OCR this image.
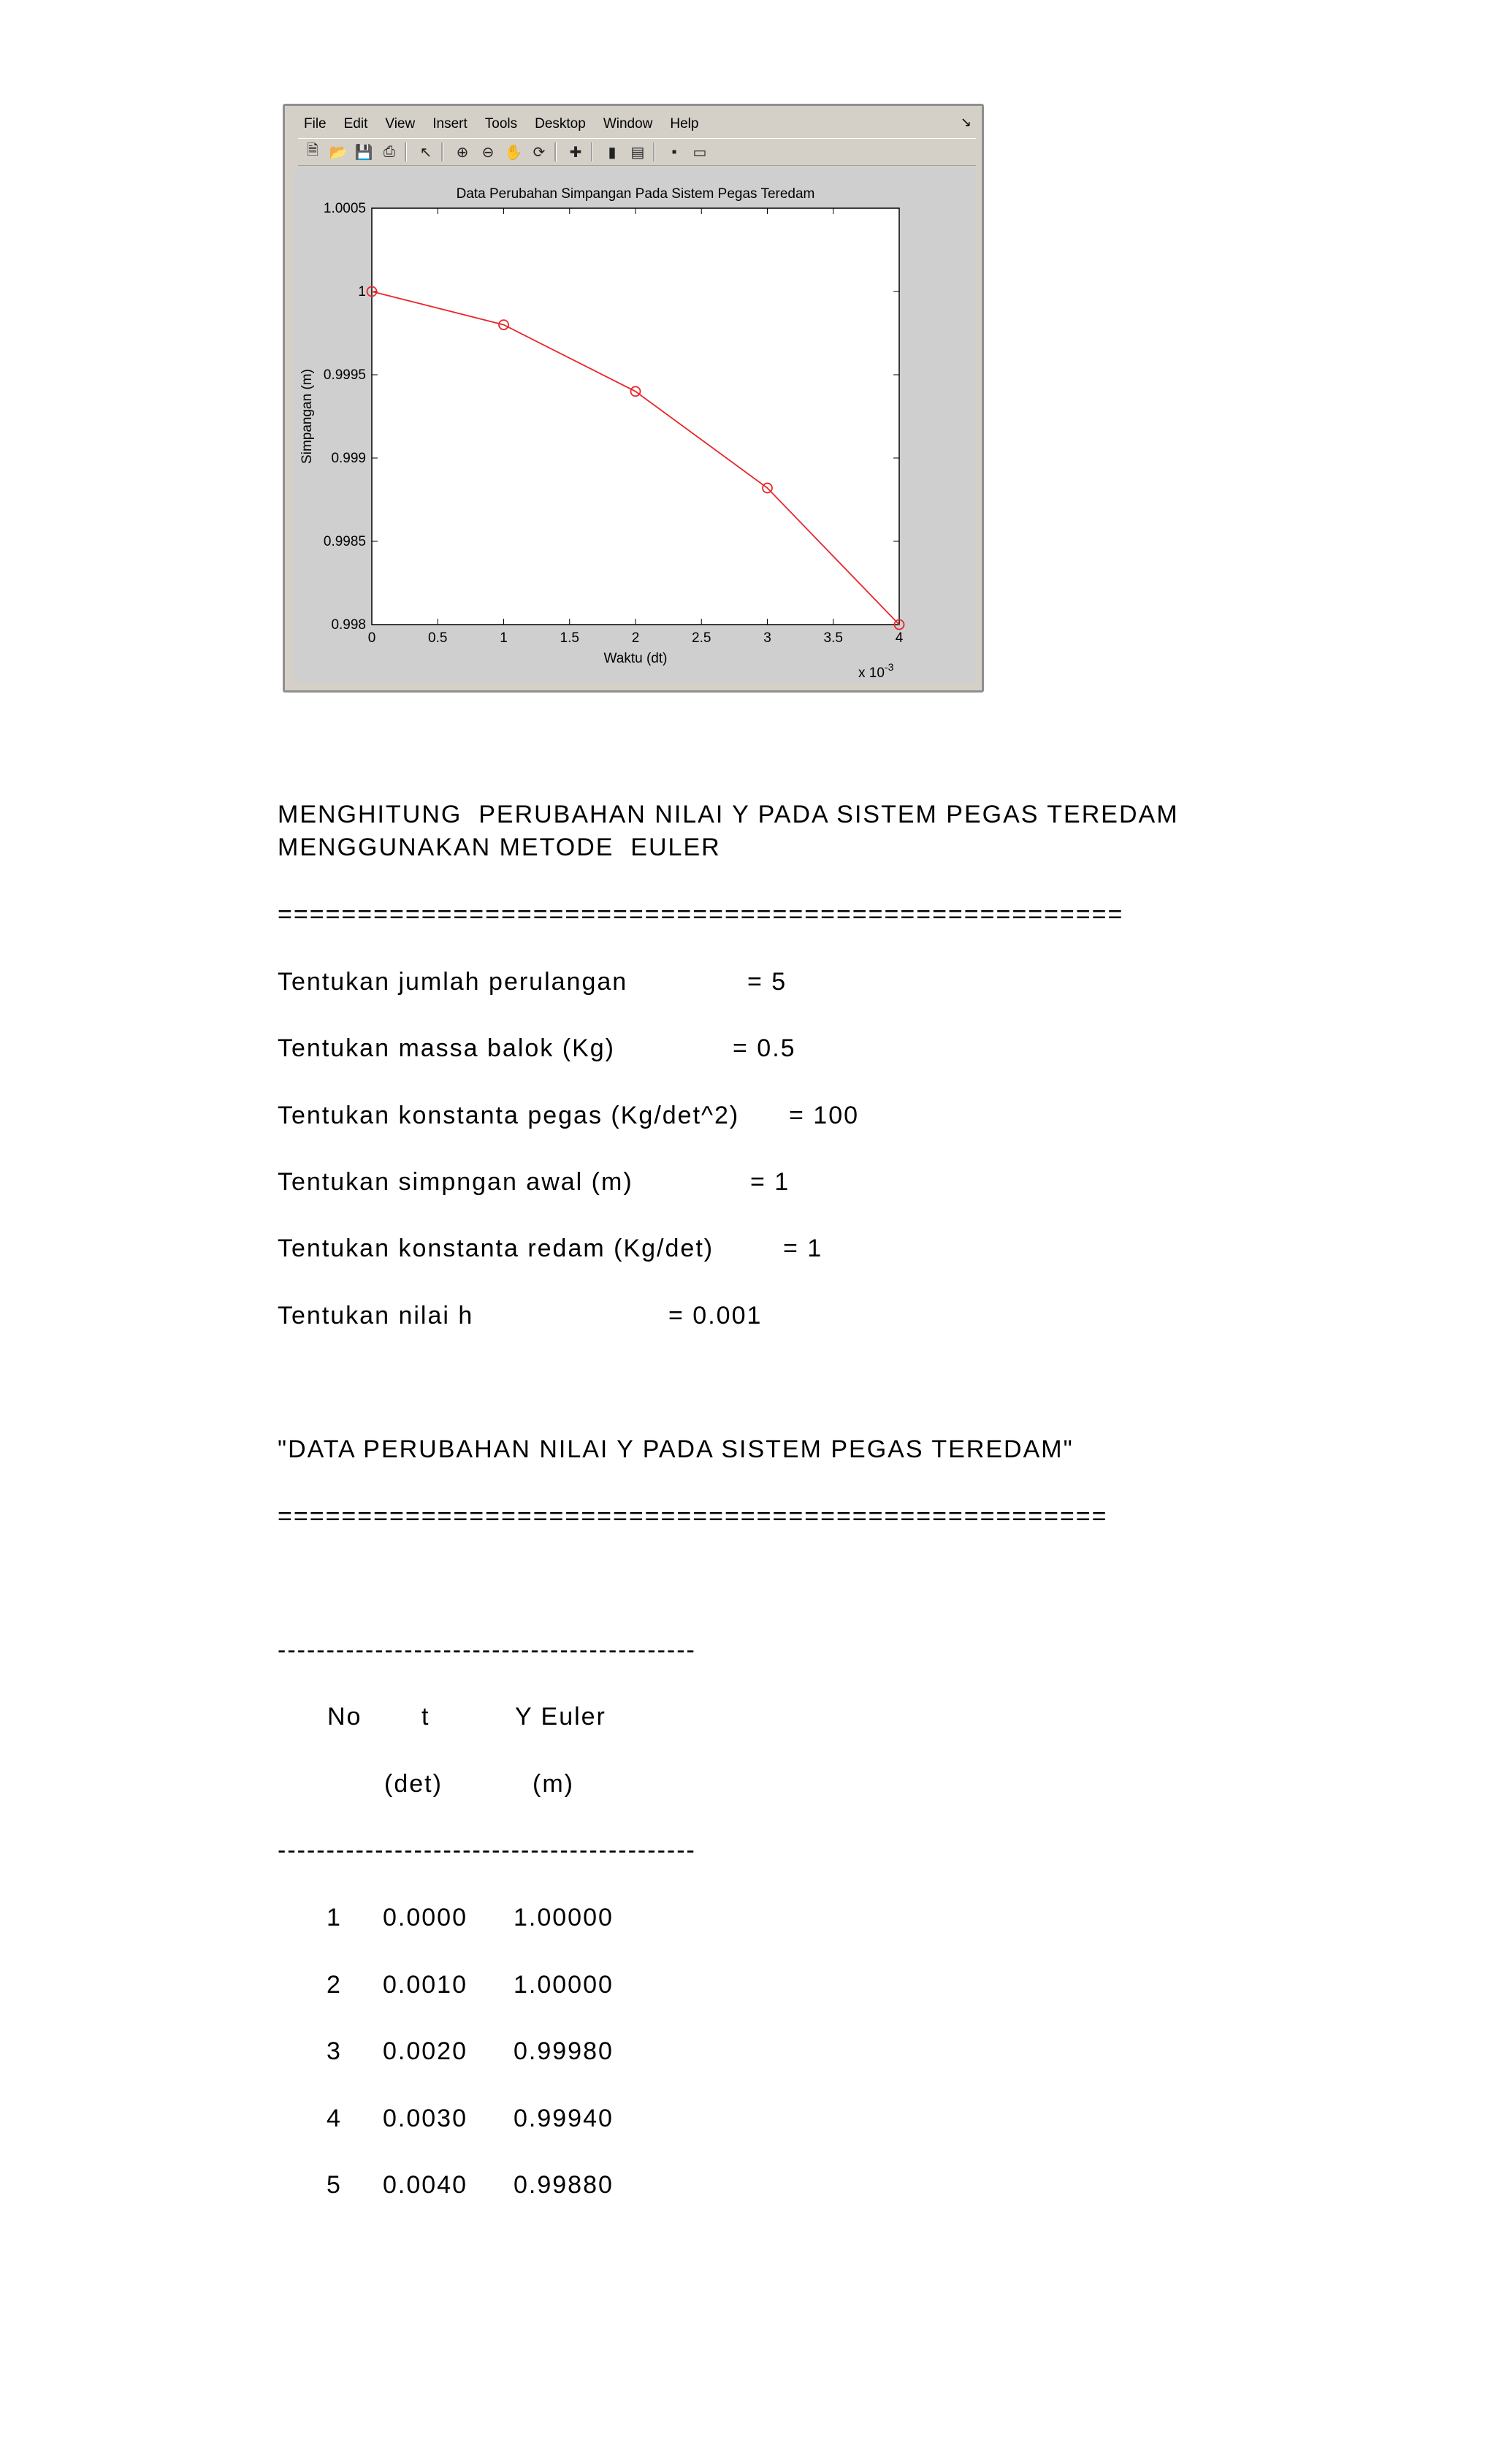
File Edit View Insert Tools Desktop Window Help	↘
🗎 📂 💾 ⎙	↖	⊕ ⊖ ✋ ⟳	✚	▮	▤	▪	▭
0	0.5	1	1.5	2	2.5	3	3.5	4
0.998
0.9985
0.999
0.9995
1
1.0005
Data Perubahan Simpangan Pada Sistem Pegas Teredam
Waktu (dt)
Simpangan (m)
x $10^{-3}$
MENGHITUNG  PERUBAHAN NILAI Y PADA SISTEM PEGAS TEREDAM
MENGGUNAKAN METODE  EULER
=====================================================
Tentukan jumlah perulangan	= 5
Tentukan massa balok (Kg)	= 0.5
Tentukan konstanta pegas (Kg/det^2) = 100
Tentukan simpngan awal (m)	= 1
Tentukan konstanta redam (Kg/det)	= 1
Tentukan nilai h	= 0.001
"DATA PERUBAHAN NILAI Y PADA SISTEM PEGAS TEREDAM"
====================================================
-------------------------------------------
No t	Y Euler
(det)	(m)
-------------------------------------------
1 0.0000 1.00000
2 0.0010 1.00000
3 0.0020 0.99980
4 0.0030 0.99940
5 0.0040 0.99880
